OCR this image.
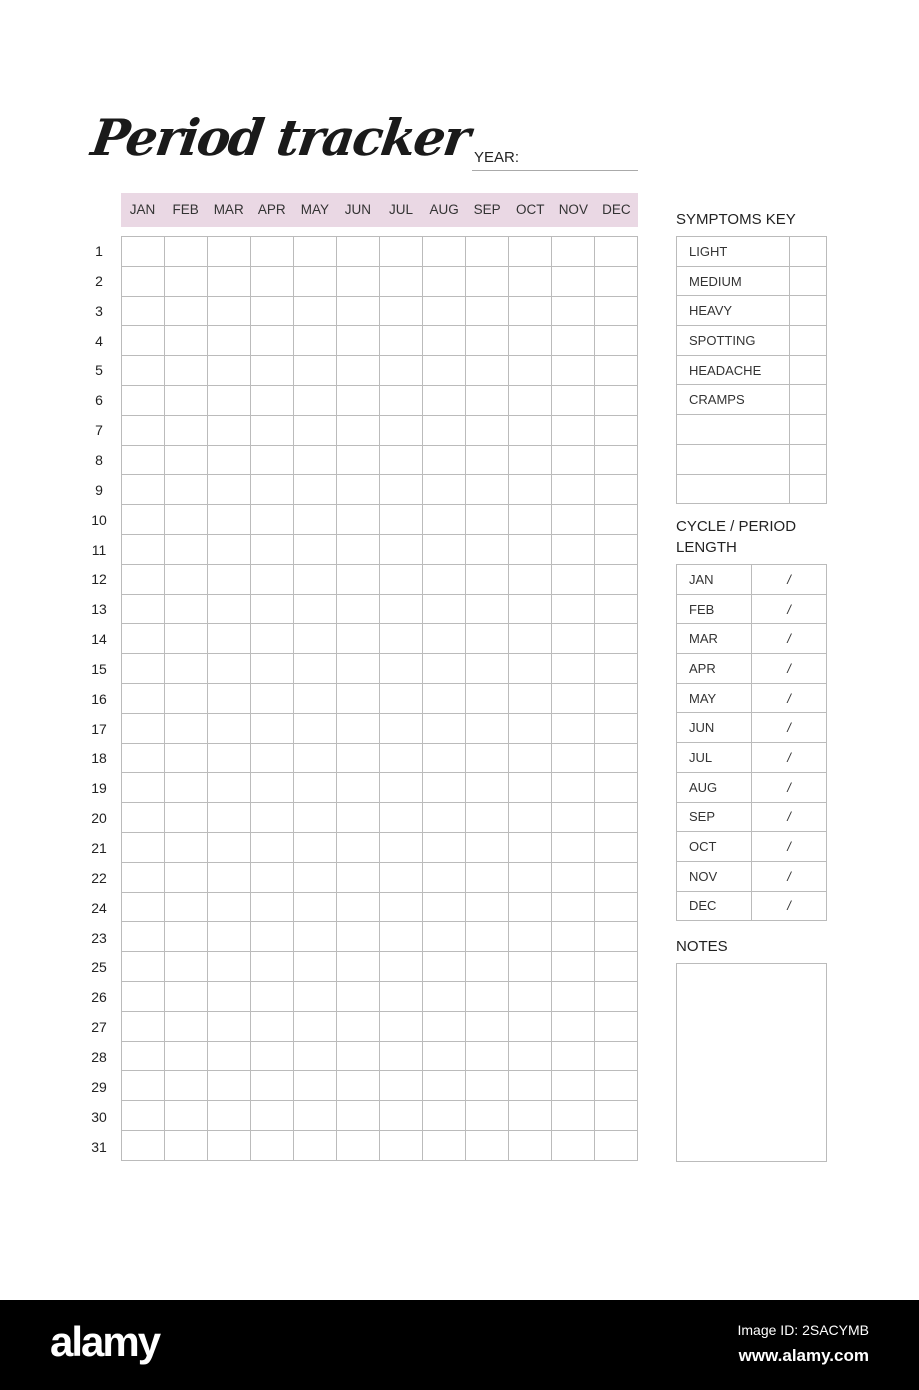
Period tracker YEAR:
JAN	FEB	MAR	APR	MAY	JUN	JUL	AUG	SEP	OCT	NOV	DEC

1
2
3
4
5
6
7
8
9
10
11
12
13
14
15
16
17
18
19
20
21
22
24
23
25
26
27
28
29
30
31
SYMPTOMS KEY
LIGHT	
MEDIUM	
HEAVY	
SPOTTING	
HEADACHE	
CRAMPS	

CYCLE / PERIOD LENGTH
JAN	/
FEB	/
MAR	/
APR	/
MAY	/
JUN	/
JUL	/
AUG	/
SEP	/
OCT	/
NOV	/
DEC	/
NOTES
alamy	Image ID: 2SACYMB
www.alamy.com
